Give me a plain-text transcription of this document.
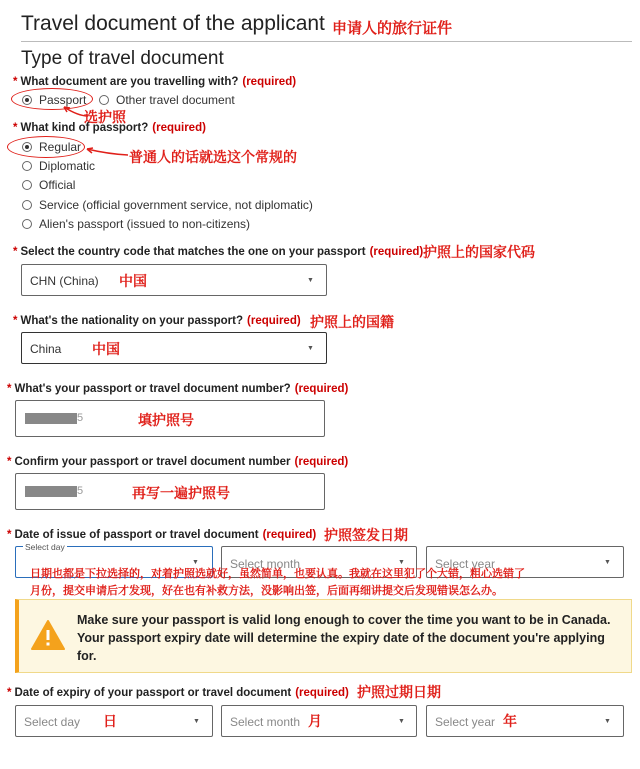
Travel document of the applicant 申请人的旅行证件
Type of travel document
* What document are you travelling with? (required)
Passport Other travel document
选护照
* What kind of passport? (required)
Regular
普通人的话就选这个常规的
Diplomatic
Official
Service (official government service, not diplomatic)
Alien's passport (issued to non-citizens)
* Select the country code that matches the one on your passport (required) 护照上的国家代码
CHN (China) 中国	▼
* What's the nationality on your passport? (required) 护照上的国籍
China 中国	▼
* What's your passport or travel document number? (required)
5	填护照号
* Confirm your passport or travel document number (required)
5	再写一遍护照号
* Date of issue of passport or travel document (required) 护照签发日期
Select day
▼	Select month	▼	Select year	▼
日期也都是下拉选择的，对着护照选就好，虽然简单，也要认真。我就在这里犯了个大错，粗心选错了
月份，提交申请后才发现，好在也有补救方法，没影响出签，后面再细讲提交后发现错误怎么办。
Make sure your passport is valid long enough to cover the time you want to be in Canada. Your passport expiry date will determine the expiry date of the document you're applying for.
* Date of expiry of your passport or travel document (required) 护照过期日期
Select day 日	▼	Select month 月	▼	Select year 年	▼
